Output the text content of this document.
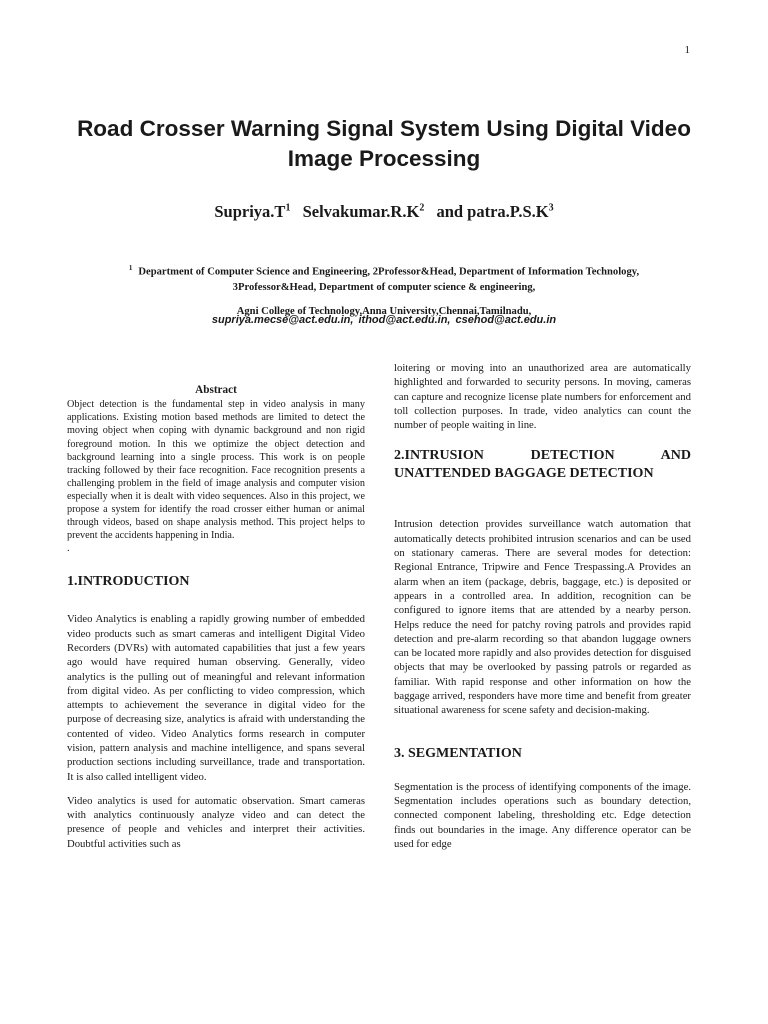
1
Road Crosser Warning Signal System Using Digital Video Image Processing
$Supriya.T^1$ $Selvakumar.R.K^2$ and $patra.P.S.K^3$
$^1$ Department of Computer Science and Engineering, 2Professor&Head, Department of Information Technology, 3Professor&Head, Department of computer science & engineering,
Agni College of Technology,Anna University,Chennai,Tamilnadu,
supriya.mecse@act.edu.in, ithod@act.edu.in, csehod@act.edu.in

Abstract

Object detection is the fundamental step in video analysis in many applications. Existing motion based methods are limited to detect the moving object when coping with dynamic background and non rigid foreground motion. In this we optimize the object detection and background learning into a single process. This work is on people tracking followed by their face recognition. Face recognition presents a challenging problem in the field of image analysis and computer vision especially when it is dealt with video sequences. Also in this project, we propose a system for identify the road crosser either human or animal through videos, based on shape analysis method. This project helps to prevent the accidents happening in India.

.

1.INTRODUCTION

Video Analytics is enabling a rapidly growing number of embedded video products such as smart cameras and intelligent Digital Video Recorders (DVRs) with automated capabilities that just a few years ago would have required human observing. Generally, video analytics is the pulling out of meaningful and relevant information from digital video. As per conflicting to video compression, which attempts to achievement the severance in digital video for the purpose of decreasing size, analytics is afraid with understanding the contented of video. Video Analytics forms research in computer vision, pattern analysis and machine intelligence, and spans several production sections including surveillance, trade and transportation. It is also called intelligent video.

Video analytics is used for automatic observation. Smart cameras with analytics continuously analyze video and can detect the presence of people and vehicles and interpret their activities. Doubtful activities such as

loitering or moving into an unauthorized area are automatically highlighted and forwarded to security persons. In moving, cameras can capture and recognize license plate numbers for enforcement and toll collection purposes. In trade, video analytics can count the number of people waiting in line.

2.INTRUSION DETECTION AND UNATTENDED BAGGAGE DETECTION

Intrusion detection provides surveillance watch automation that automatically detects prohibited intrusion scenarios and can be used on stationary cameras. There are several modes for detection: Regional Entrance, Tripwire and Fence Trespassing.A Provides an alarm when an item (package, debris, baggage, etc.) is deposited or appears in a controlled area. In addition, recognition can be configured to ignore items that are attended by a nearby person. Helps reduce the need for patchy roving patrols and provides rapid detection and pre-alarm recording so that abandon luggage owners can be located more rapidly and also provides detection for disguised objects that may be overlooked by passing patrols or regarded as familiar. With rapid response and other information on how the baggage arrived, responders have more time and benefit from greater situational awareness for scene safety and decision-making.

3. SEGMENTATION

Segmentation is the process of identifying components of the image. Segmentation includes operations such as boundary detection, connected component labeling, thresholding etc. Edge detection finds out boundaries in the image. Any difference operator can be used for edge
